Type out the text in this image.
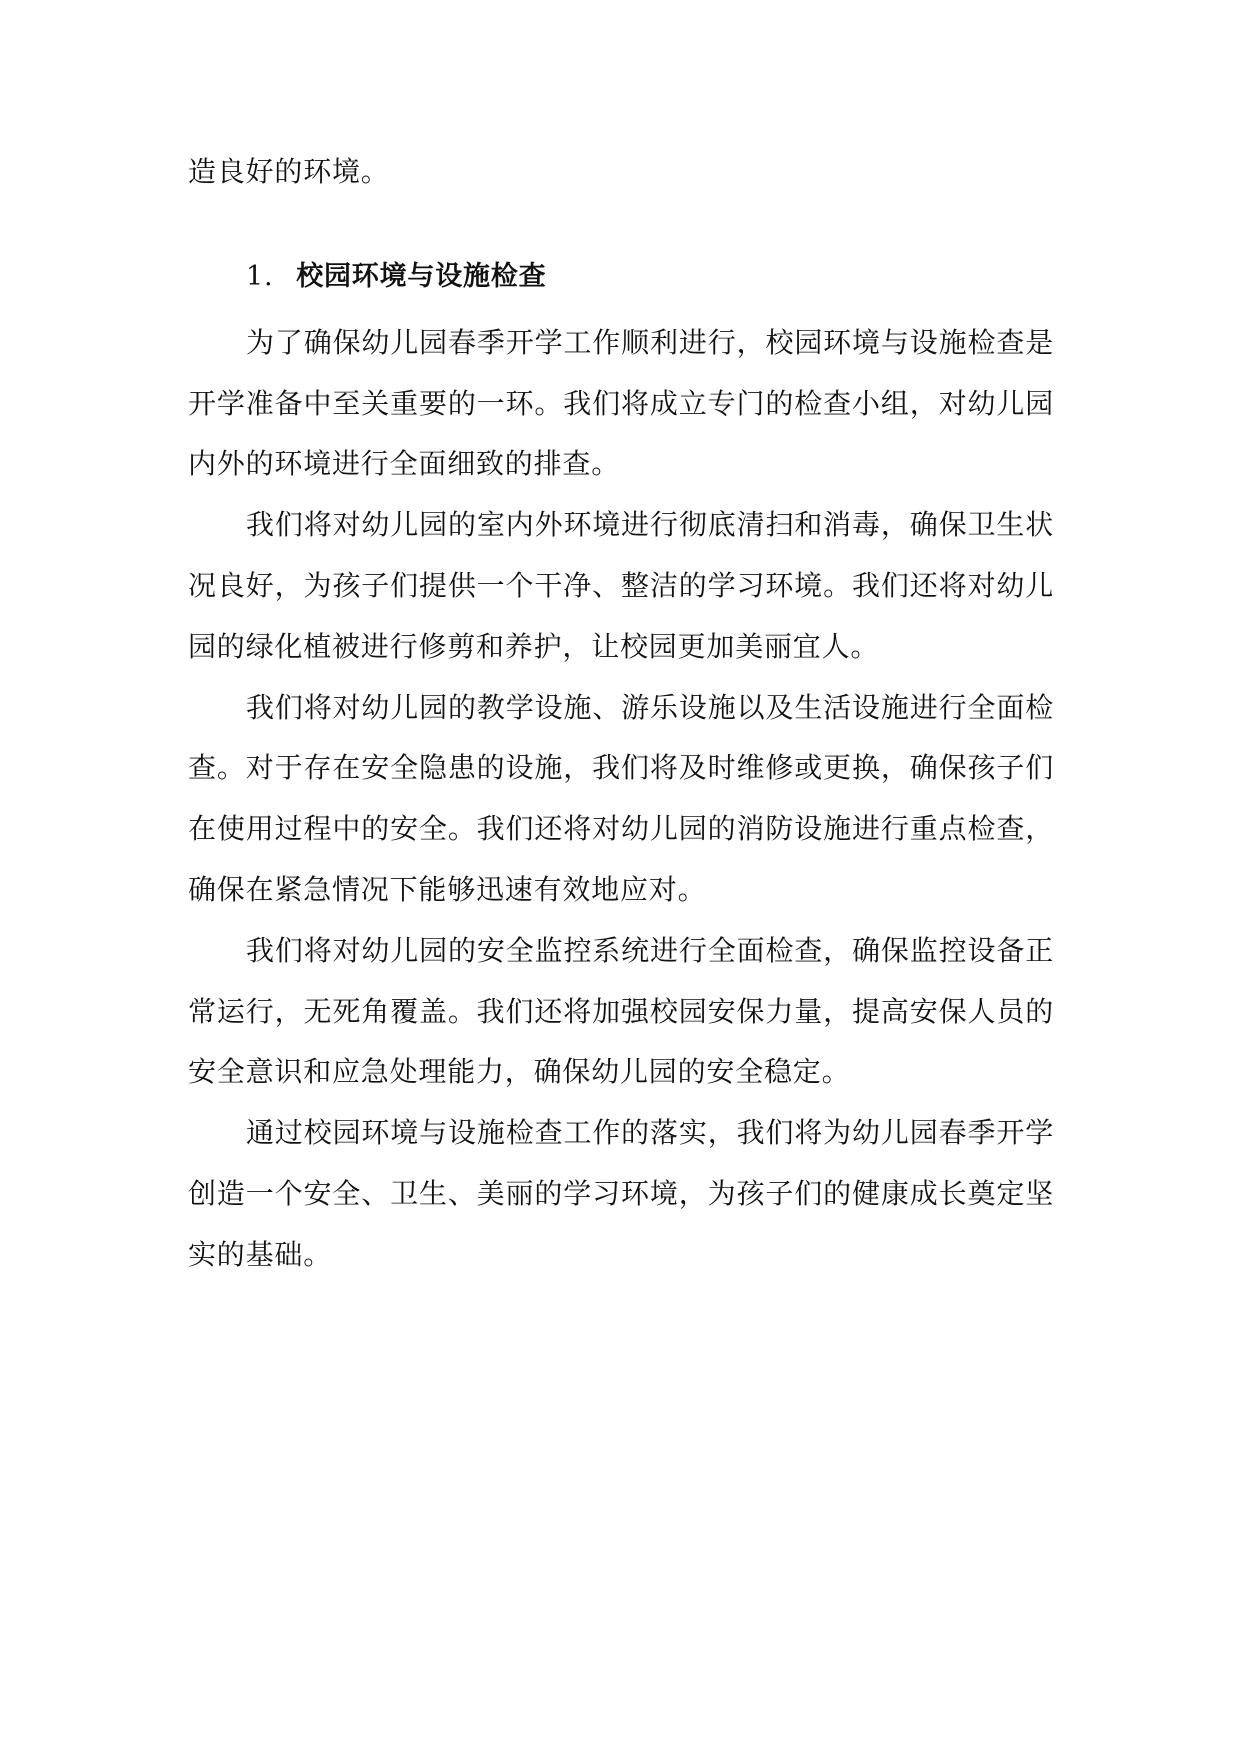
造良好的环境。

1. 校园环境与设施检查

为了确保幼儿园春季开学工作顺利进行，校园环境与设施检查是开学准备中至关重要的一环。我们将成立专门的检查小组，对幼儿园内外的环境进行全面细致的排查。

我们将对幼儿园的室内外环境进行彻底清扫和消毒，确保卫生状况良好，为孩子们提供一个干净、整洁的学习环境。我们还将对幼儿园的绿化植被进行修剪和养护，让校园更加美丽宜人。

我们将对幼儿园的教学设施、游乐设施以及生活设施进行全面检查。对于存在安全隐患的设施，我们将及时维修或更换，确保孩子们在使用过程中的安全。我们还将对幼儿园的消防设施进行重点检查，确保在紧急情况下能够迅速有效地应对。

我们将对幼儿园的安全监控系统进行全面检查，确保监控设备正常运行，无死角覆盖。我们还将加强校园安保力量，提高安保人员的安全意识和应急处理能力，确保幼儿园的安全稳定。

通过校园环境与设施检查工作的落实，我们将为幼儿园春季开学创造一个安全、卫生、美丽的学习环境，为孩子们的健康成长奠定坚实的基础。
